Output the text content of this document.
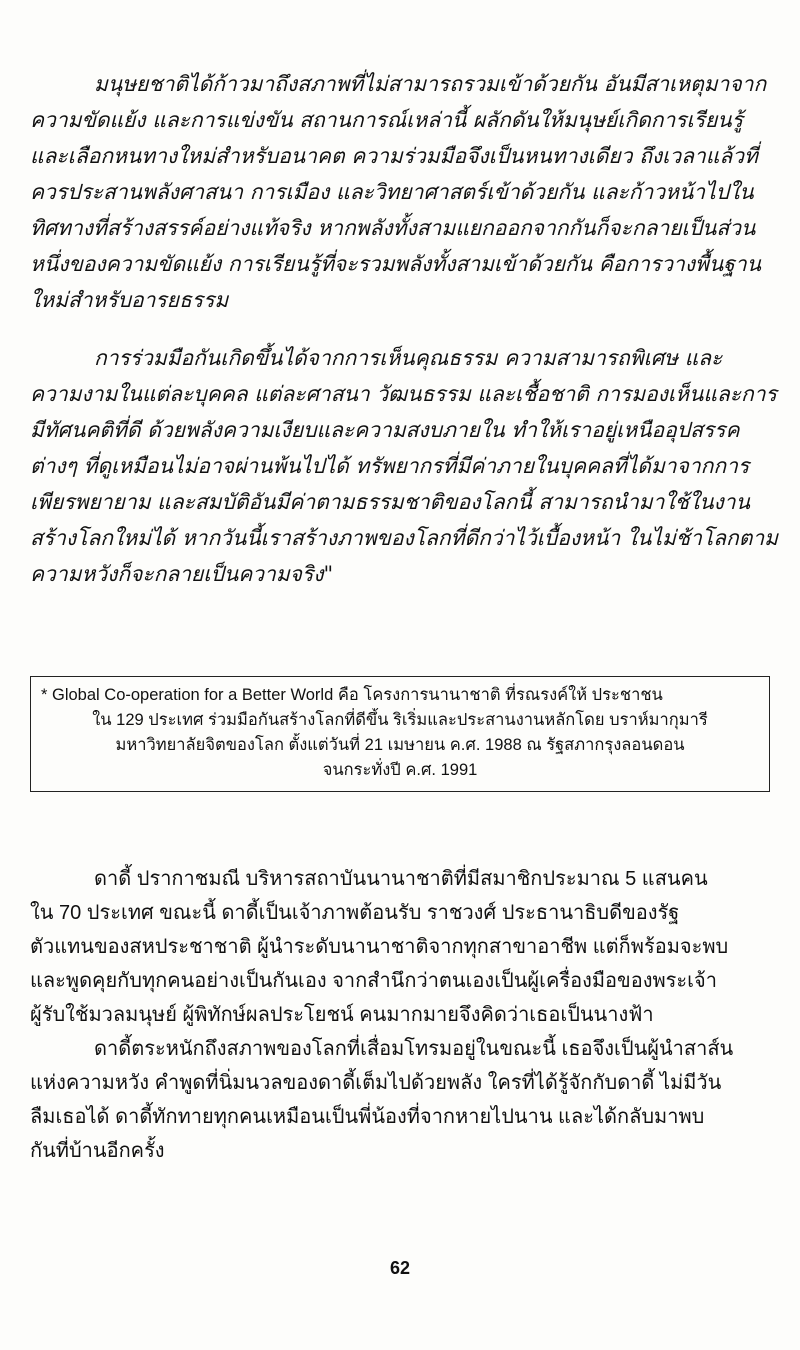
มนุษยชาติได้ก้าวมาถึงสภาพที่ไม่สามารถรวมเข้าด้วยกัน อันมีสาเหตุมาจาก
ความขัดแย้ง และการแข่งขัน สถานการณ์เหล่านี้ ผลักดันให้มนุษย์เกิดการเรียนรู้
และเลือกหนทางใหม่สำหรับอนาคต ความร่วมมือจึงเป็นหนทางเดียว ถึงเวลาแล้วที่
ควรประสานพลังศาสนา การเมือง และวิทยาศาสตร์เข้าด้วยกัน และก้าวหน้าไปใน
ทิศทางที่สร้างสรรค์อย่างแท้จริง หากพลังทั้งสามแยกออกจากกันก็จะกลายเป็นส่วน
หนึ่งของความขัดแย้ง การเรียนรู้ที่จะรวมพลังทั้งสามเข้าด้วยกัน คือการวางพื้นฐาน
ใหม่สำหรับอารยธรรม
การร่วมมือกันเกิดขึ้นได้จากการเห็นคุณธรรม ความสามารถพิเศษ และ
ความงามในแต่ละบุคคล แต่ละศาสนา วัฒนธรรม และเชื้อชาติ การมองเห็นและการ
มีทัศนคติที่ดี ด้วยพลังความเงียบและความสงบภายใน ทำให้เราอยู่เหนืออุปสรรค
ต่างๆ ที่ดูเหมือนไม่อาจผ่านพ้นไปได้ ทรัพยากรที่มีค่าภายในบุคคลที่ได้มาจากการ
เพียรพยายาม และสมบัติอันมีค่าตามธรรมชาติของโลกนี้ สามารถนำมาใช้ในงาน
สร้างโลกใหม่ได้ หากวันนี้เราสร้างภาพของโลกที่ดีกว่าไว้เบื้องหน้า ในไม่ช้าโลกตาม
ความหวังก็จะกลายเป็นความจริง"
* Global Co-operation for a Better World คือ โครงการนานาชาติ ที่รณรงค์ให้ ประชาชน
ใน 129 ประเทศ ร่วมมือกันสร้างโลกที่ดีขึ้น ริเริ่มและประสานงานหลักโดย บราห์มากุมารี
มหาวิทยาลัยจิตของโลก ตั้งแต่วันที่ 21 เมษายน ค.ศ. 1988 ณ รัฐสภากรุงลอนดอน
จนกระทั่งปี ค.ศ. 1991
ดาดี้ ปรากาชมณี บริหารสถาบันนานาชาติที่มีสมาชิกประมาณ 5 แสนคน
ใน 70 ประเทศ ขณะนี้ ดาดี้เป็นเจ้าภาพต้อนรับ ราชวงศ์ ประธานาธิบดีของรัฐ
ตัวแทนของสหประชาชาติ ผู้นำระดับนานาชาติจากทุกสาขาอาชีพ แต่ก็พร้อมจะพบ
และพูดคุยกับทุกคนอย่างเป็นกันเอง จากสำนึกว่าตนเองเป็นผู้เครื่องมือของพระเจ้า
ผู้รับใช้มวลมนุษย์ ผู้พิทักษ์ผลประโยชน์ คนมากมายจึงคิดว่าเธอเป็นนางฟ้า
ดาดี้ตระหนักถึงสภาพของโลกที่เสื่อมโทรมอยู่ในขณะนี้ เธอจึงเป็นผู้นำสาส์น
แห่งความหวัง คำพูดที่นิ่มนวลของดาดี้เต็มไปด้วยพลัง ใครที่ได้รู้จักกับดาดี้ ไม่มีวัน
ลืมเธอได้ ดาดี้ทักทายทุกคนเหมือนเป็นพี่น้องที่จากหายไปนาน และได้กลับมาพบ
กันที่บ้านอีกครั้ง
62
